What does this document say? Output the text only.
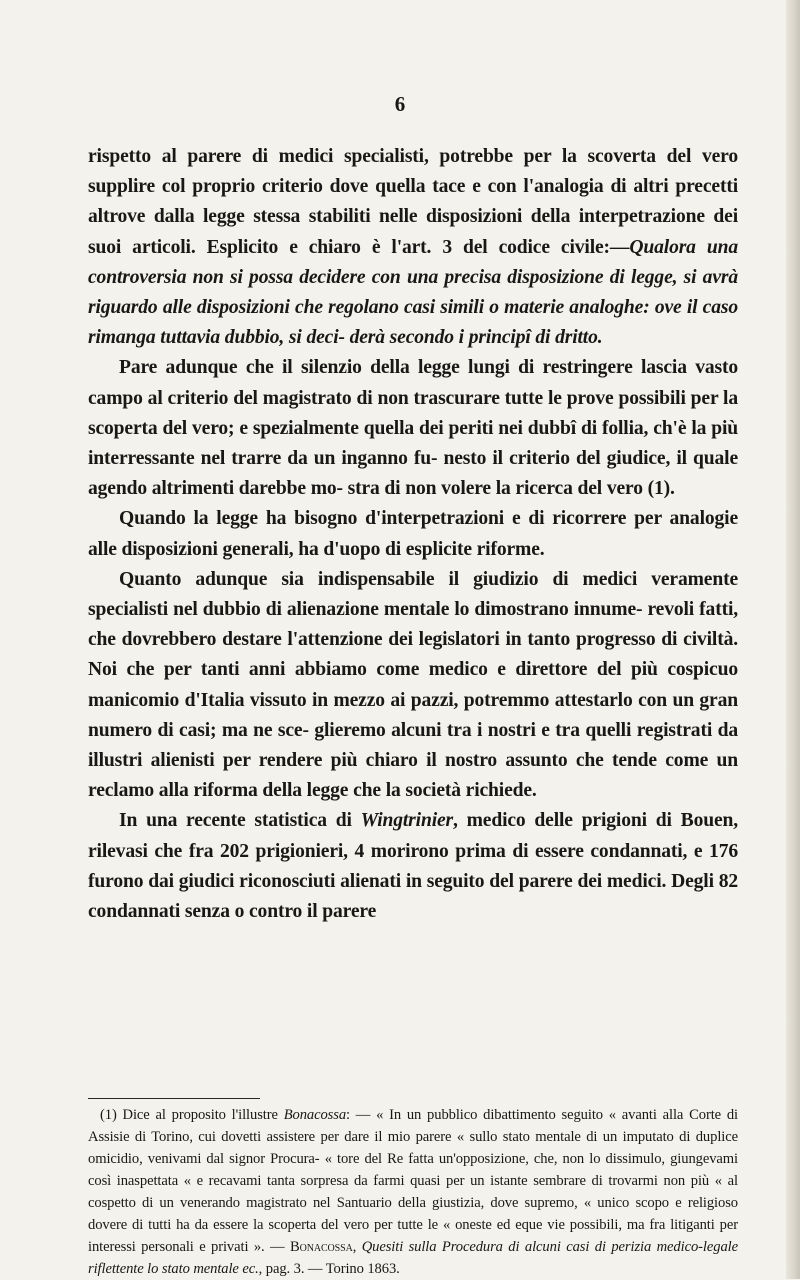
6

rispetto al parere di medici specialisti, potrebbe per la scoverta del vero supplire col proprio criterio dove quella tace e con l'analogia di altri precetti altrove dalla legge stessa stabiliti nelle disposizioni della interpetrazione dei suoi articoli. Esplicito e chiaro è l'art. 3 del codice civile:—Qualora una controversia non si possa decidere con una precisa disposizione di legge, si avrà riguardo alle disposizioni che regolano casi simili o materie analoghe: ove il caso rimanga tuttavia dubbio, si deci- derà secondo i principî di dritto.

Pare adunque che il silenzio della legge lungi di restringere lascia vasto campo al criterio del magistrato di non trascurare tutte le prove possibili per la scoperta del vero; e spezialmente quella dei periti nei dubbî di follia, ch'è la più interressante nel trarre da un inganno fu- nesto il criterio del giudice, il quale agendo altrimenti darebbe mo- stra di non volere la ricerca del vero (1).

Quando la legge ha bisogno d'interpetrazioni e di ricorrere per analogie alle disposizioni generali, ha d'uopo di esplicite riforme.

Quanto adunque sia indispensabile il giudizio di medici veramente specialisti nel dubbio di alienazione mentale lo dimostrano innume- revoli fatti, che dovrebbero destare l'attenzione dei legislatori in tanto progresso di civiltà. Noi che per tanti anni abbiamo come medico e direttore del più cospicuo manicomio d'Italia vissuto in mezzo ai pazzi, potremmo attestarlo con un gran numero di casi; ma ne sce- glieremo alcuni tra i nostri e tra quelli registrati da illustri alienisti per rendere più chiaro il nostro assunto che tende come un reclamo alla riforma della legge che la società richiede.

In una recente statistica di Wingtrinier, medico delle prigioni di Bouen, rilevasi che fra 202 prigionieri, 4 morirono prima di essere condannati, e 176 furono dai giudici riconosciuti alienati in seguito del parere dei medici. Degli 82 condannati senza o contro il parere

(1) Dice al proposito l'illustre Bonacossa: — « In un pubblico dibattimento seguito « avanti alla Corte di Assisie di Torino, cui dovetti assistere per dare il mio parere « sullo stato mentale di un imputato di duplice omicidio, venivami dal signor Procura- « tore del Re fatta un'opposizione, che, non lo dissimulo, giungevami così inaspettata « e recavami tanta sorpresa da farmi quasi per un istante sembrare di trovarmi non più « al cospetto di un venerando magistrato nel Santuario della giustizia, dove supremo, « unico scopo e religioso dovere di tutti ha da essere la scoperta del vero per tutte le « oneste ed eque vie possibili, ma fra litiganti per interessi personali e privati ». — Bonacossa, Quesiti sulla Procedura di alcuni casi di perizia medico-legale riflettente lo stato mentale ec., pag. 3. — Torino 1863.
